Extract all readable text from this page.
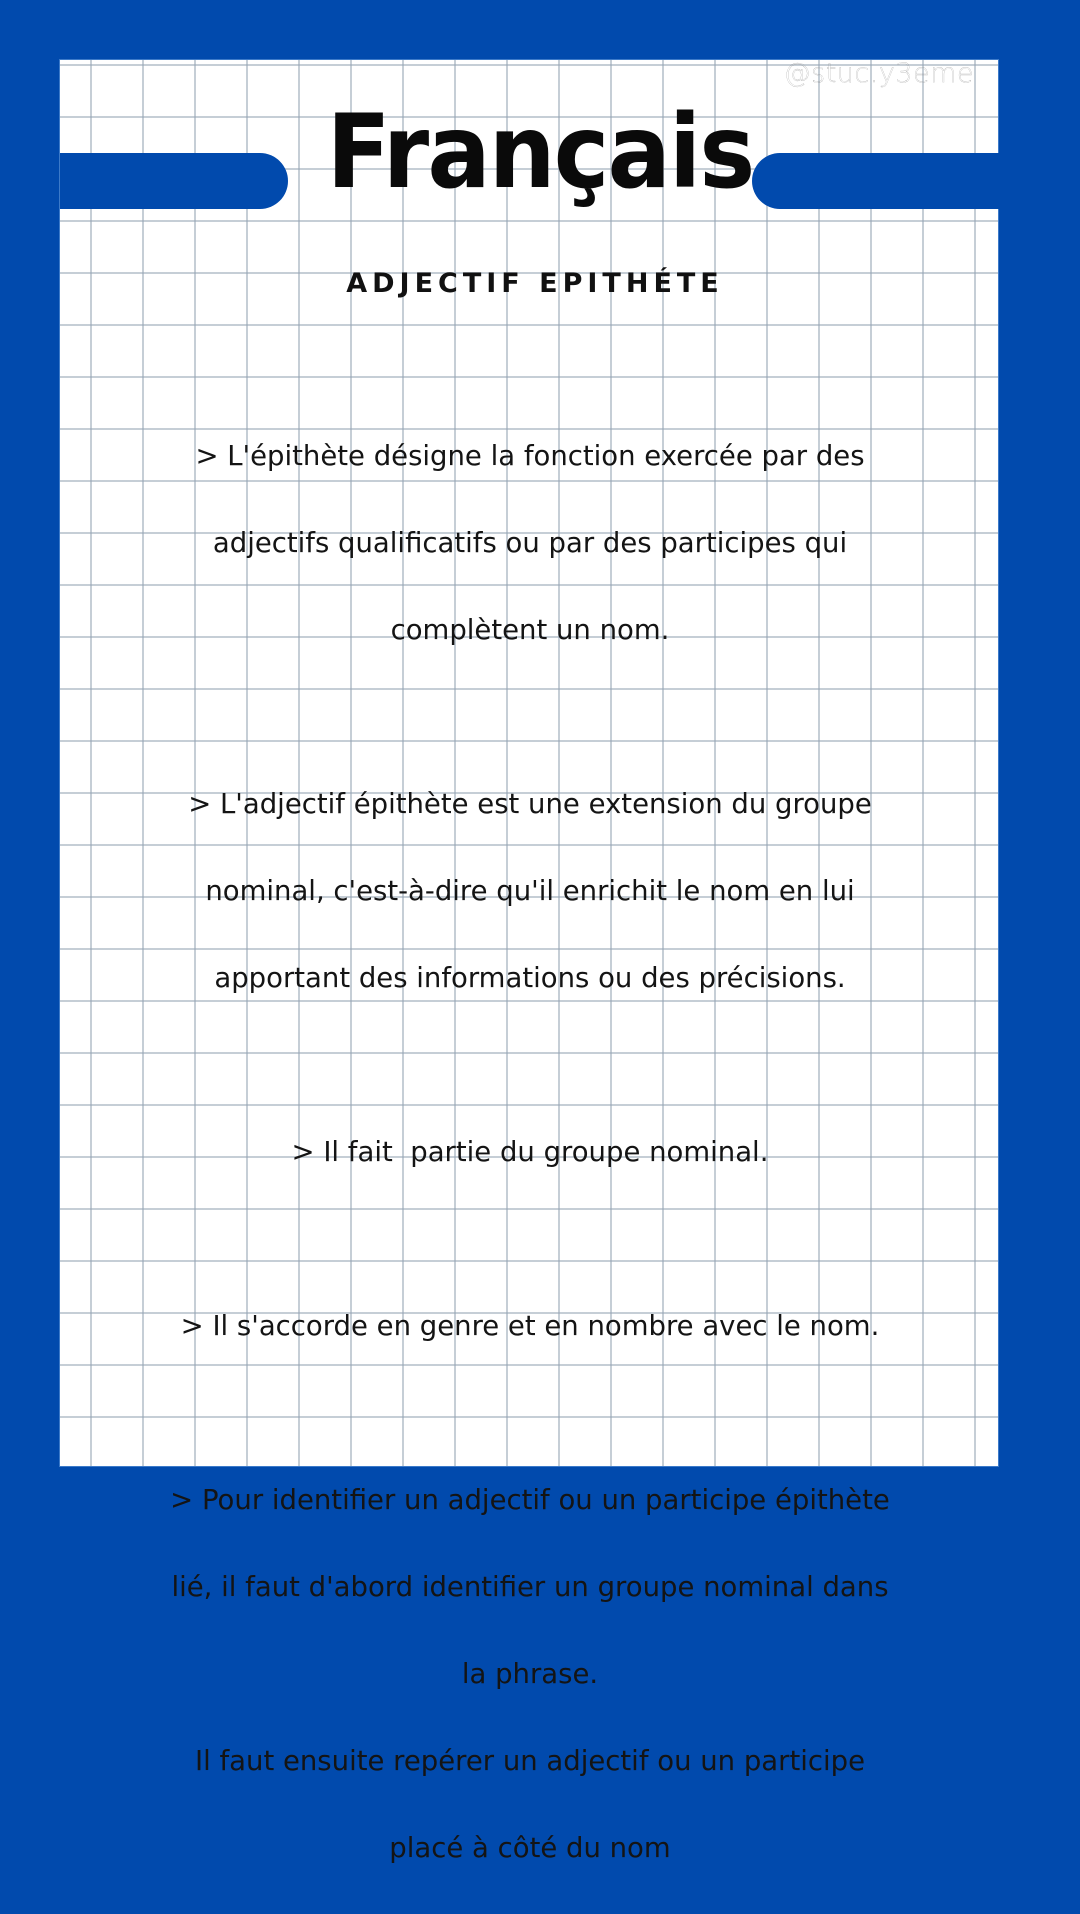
@stuc.y3eme
Français
ADJECTIF EPITHÉTE

> L'épithète désigne la fonction exercée par des

adjectifs qualificatifs ou par des participes qui

complètent un nom.

> L'adjectif épithète est une extension du groupe

nominal, c'est-à-dire qu'il enrichit le nom en lui

apportant des informations ou des précisions.

> Il fait  partie du groupe nominal.

> Il s'accorde en genre et en nombre avec le nom.

> Pour identifier un adjectif ou un participe épithète

lié, il faut d'abord identifier un groupe nominal dans

la phrase.

Il faut ensuite repérer un adjectif ou un participe

placé à côté du nom
